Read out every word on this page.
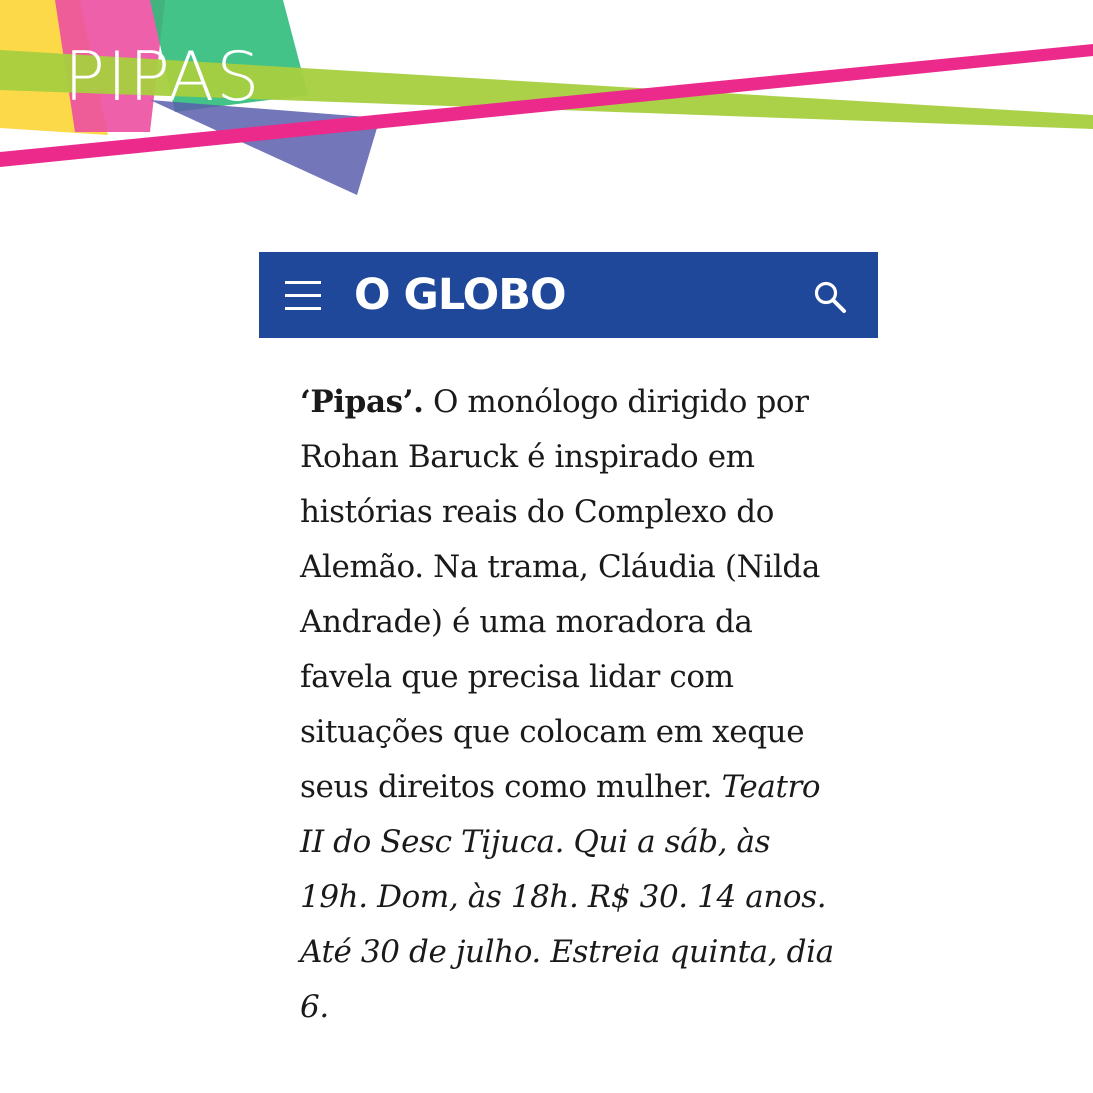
PIPAS
O GLOBO

‘Pipas’. O monólogo dirigido por Rohan Baruck é inspirado em histórias reais do Complexo do Alemão. Na trama, Cláudia (Nilda Andrade) é uma moradora da favela que precisa lidar com situações que colocam em xeque seus direitos como mulher. Teatro II do Sesc Tijuca. Qui a sáb, às 19h. Dom, às 18h. R$ 30. 14 anos. Até 30 de julho. Estreia quinta, dia 6.
